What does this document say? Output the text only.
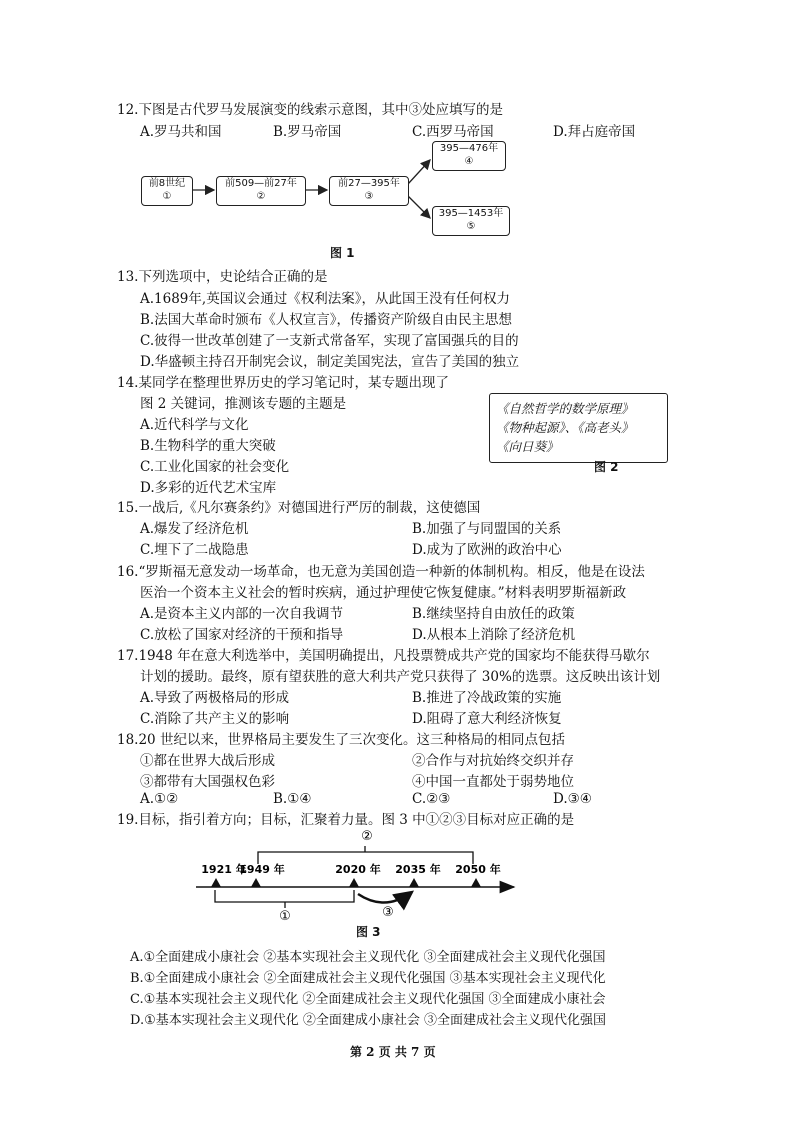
12.下图是古代罗马发展演变的线索示意图，其中③处应填写的是
A.罗马共和国	B.罗马帝国	C.西罗马帝国	D.拜占庭帝国
前8世纪
①
前509—前27年
②
前27—395年
③
395—476年
④
395—1453年
⑤
图 1
13.下列选项中，史论结合正确的是
A.1689年,英国议会通过《权利法案》，从此国王没有任何权力
B.法国大革命时颁布《人权宣言》，传播资产阶级自由民主思想
C.彼得一世改革创建了一支新式常备军，实现了富国强兵的目的
D.华盛顿主持召开制宪会议，制定美国宪法，宣告了美国的独立
14.某同学在整理世界历史的学习笔记时，某专题出现了
图 2 关键词，推测该专题的主题是
A.近代科学与文化
B.生物科学的重大突破
C.工业化国家的社会变化
D.多彩的近代艺术宝库
《自然哲学的数学原理》
《物种起源》、《高老头》
《向日葵》
图 2
15.一战后,《凡尔赛条约》对德国进行严厉的制裁，这使德国
A.爆发了经济危机	B.加强了与同盟国的关系
C.埋下了二战隐患	D.成为了欧洲的政治中心
16.“罗斯福无意发动一场革命，也无意为美国创造一种新的体制机构。相反，他是在设法
医治一个资本主义社会的暂时疾病，通过护理使它恢复健康。”材料表明罗斯福新政
A.是资本主义内部的一次自我调节	B.继续坚持自由放任的政策
C.放松了国家对经济的干预和指导	D.从根本上消除了经济危机
17.1948 年在意大利选举中，美国明确提出，凡投票赞成共产党的国家均不能获得马歇尔
计划的援助。最终，原有望获胜的意大利共产党只获得了 30%的选票。这反映出该计划
A.导致了两极格局的形成	B.推进了冷战政策的实施
C.消除了共产主义的影响	D.阻碍了意大利经济恢复
18.20 世纪以来，世界格局主要发生了三次变化。这三种格局的相同点包括
①都在世界大战后形成	②合作与对抗始终交织并存
③都带有大国强权色彩	④中国一直都处于弱势地位
A.①②	B.①④	C.②③	D.③④
19.目标，指引着方向；目标，汇聚着力量。图 3 中①②③目标对应正确的是
②
1921 年
1949 年	2020 年 2035 年 2050 年
①	③
图 3
A.①全面建成小康社会 ②基本实现社会主义现代化 ③全面建成社会主义现代化强国
B.①全面建成小康社会 ②全面建成社会主义现代化强国 ③基本实现社会主义现代化
C.①基本实现社会主义现代化 ②全面建成社会主义现代化强国 ③全面建成小康社会
D.①基本实现社会主义现代化 ②全面建成小康社会 ③全面建成社会主义现代化强国
第 2 页 共 7 页
